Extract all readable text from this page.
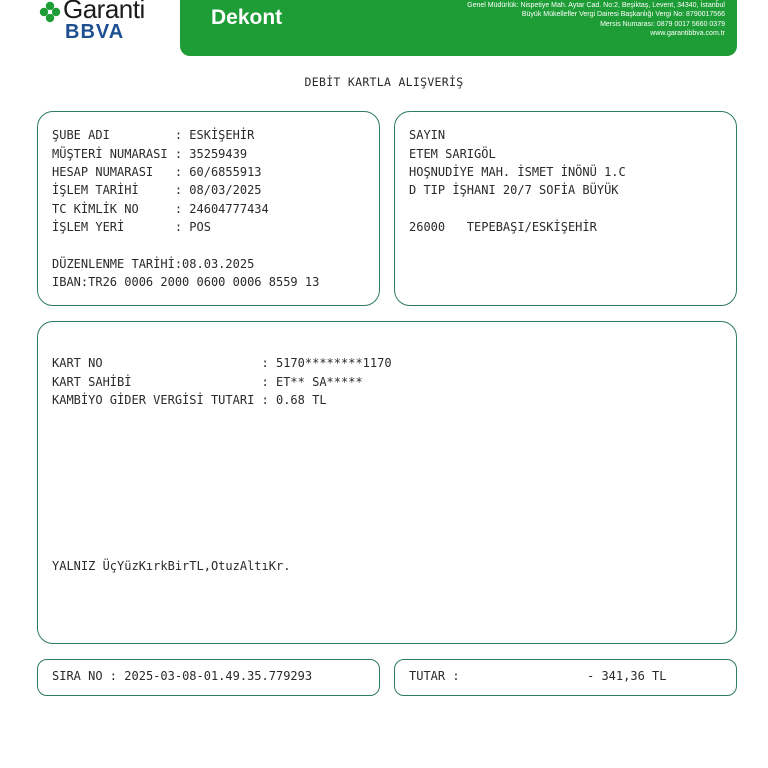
Garanti
BBVA
Dekont
Genel Müdürlük: Nispetiye Mah. Aytar Cad. No:2, Beşiktaş, Levent, 34340, İstanbul
Büyük Mükellefler Vergi Dairesi Başkanlığı Vergi No: 8790017566
Mersis Numarası: 0879 0017 5660 0379
www.garantibbva.com.tr
DEBİT KARTLA ALIŞVERİŞ
ŞUBE ADI         : ESKİŞEHİR
MÜŞTERİ NUMARASI : 35259439
HESAP NUMARASI   : 60/6855913
İŞLEM TARİHİ     : 08/03/2025
TC KİMLİK NO     : 24604777434
İŞLEM YERİ       : POS
DÜZENLENME TARİHİ:08.03.2025
IBAN:TR26 0006 2000 0600 0006 8559 13
SAYIN
ETEM SARIGÖL
HOŞNUDİYE MAH. İSMET İNÖNÜ 1.C
D TIP İŞHANI 20/7 SOFİA BÜYÜK
26000   TEPEBAŞI/ESKİŞEHİR
KART NO                      : 5170********1170
KART SAHİBİ                  : ET** SA*****
KAMBİYO GİDER VERGİSİ TUTARI : 0.68 TL
YALNIZ ÜçYüzKırkBirTL,OtuzAltıKr.
SIRA NO : 2025-03-08-01.49.35.779293	TUTAR :	- 341,36 TL
